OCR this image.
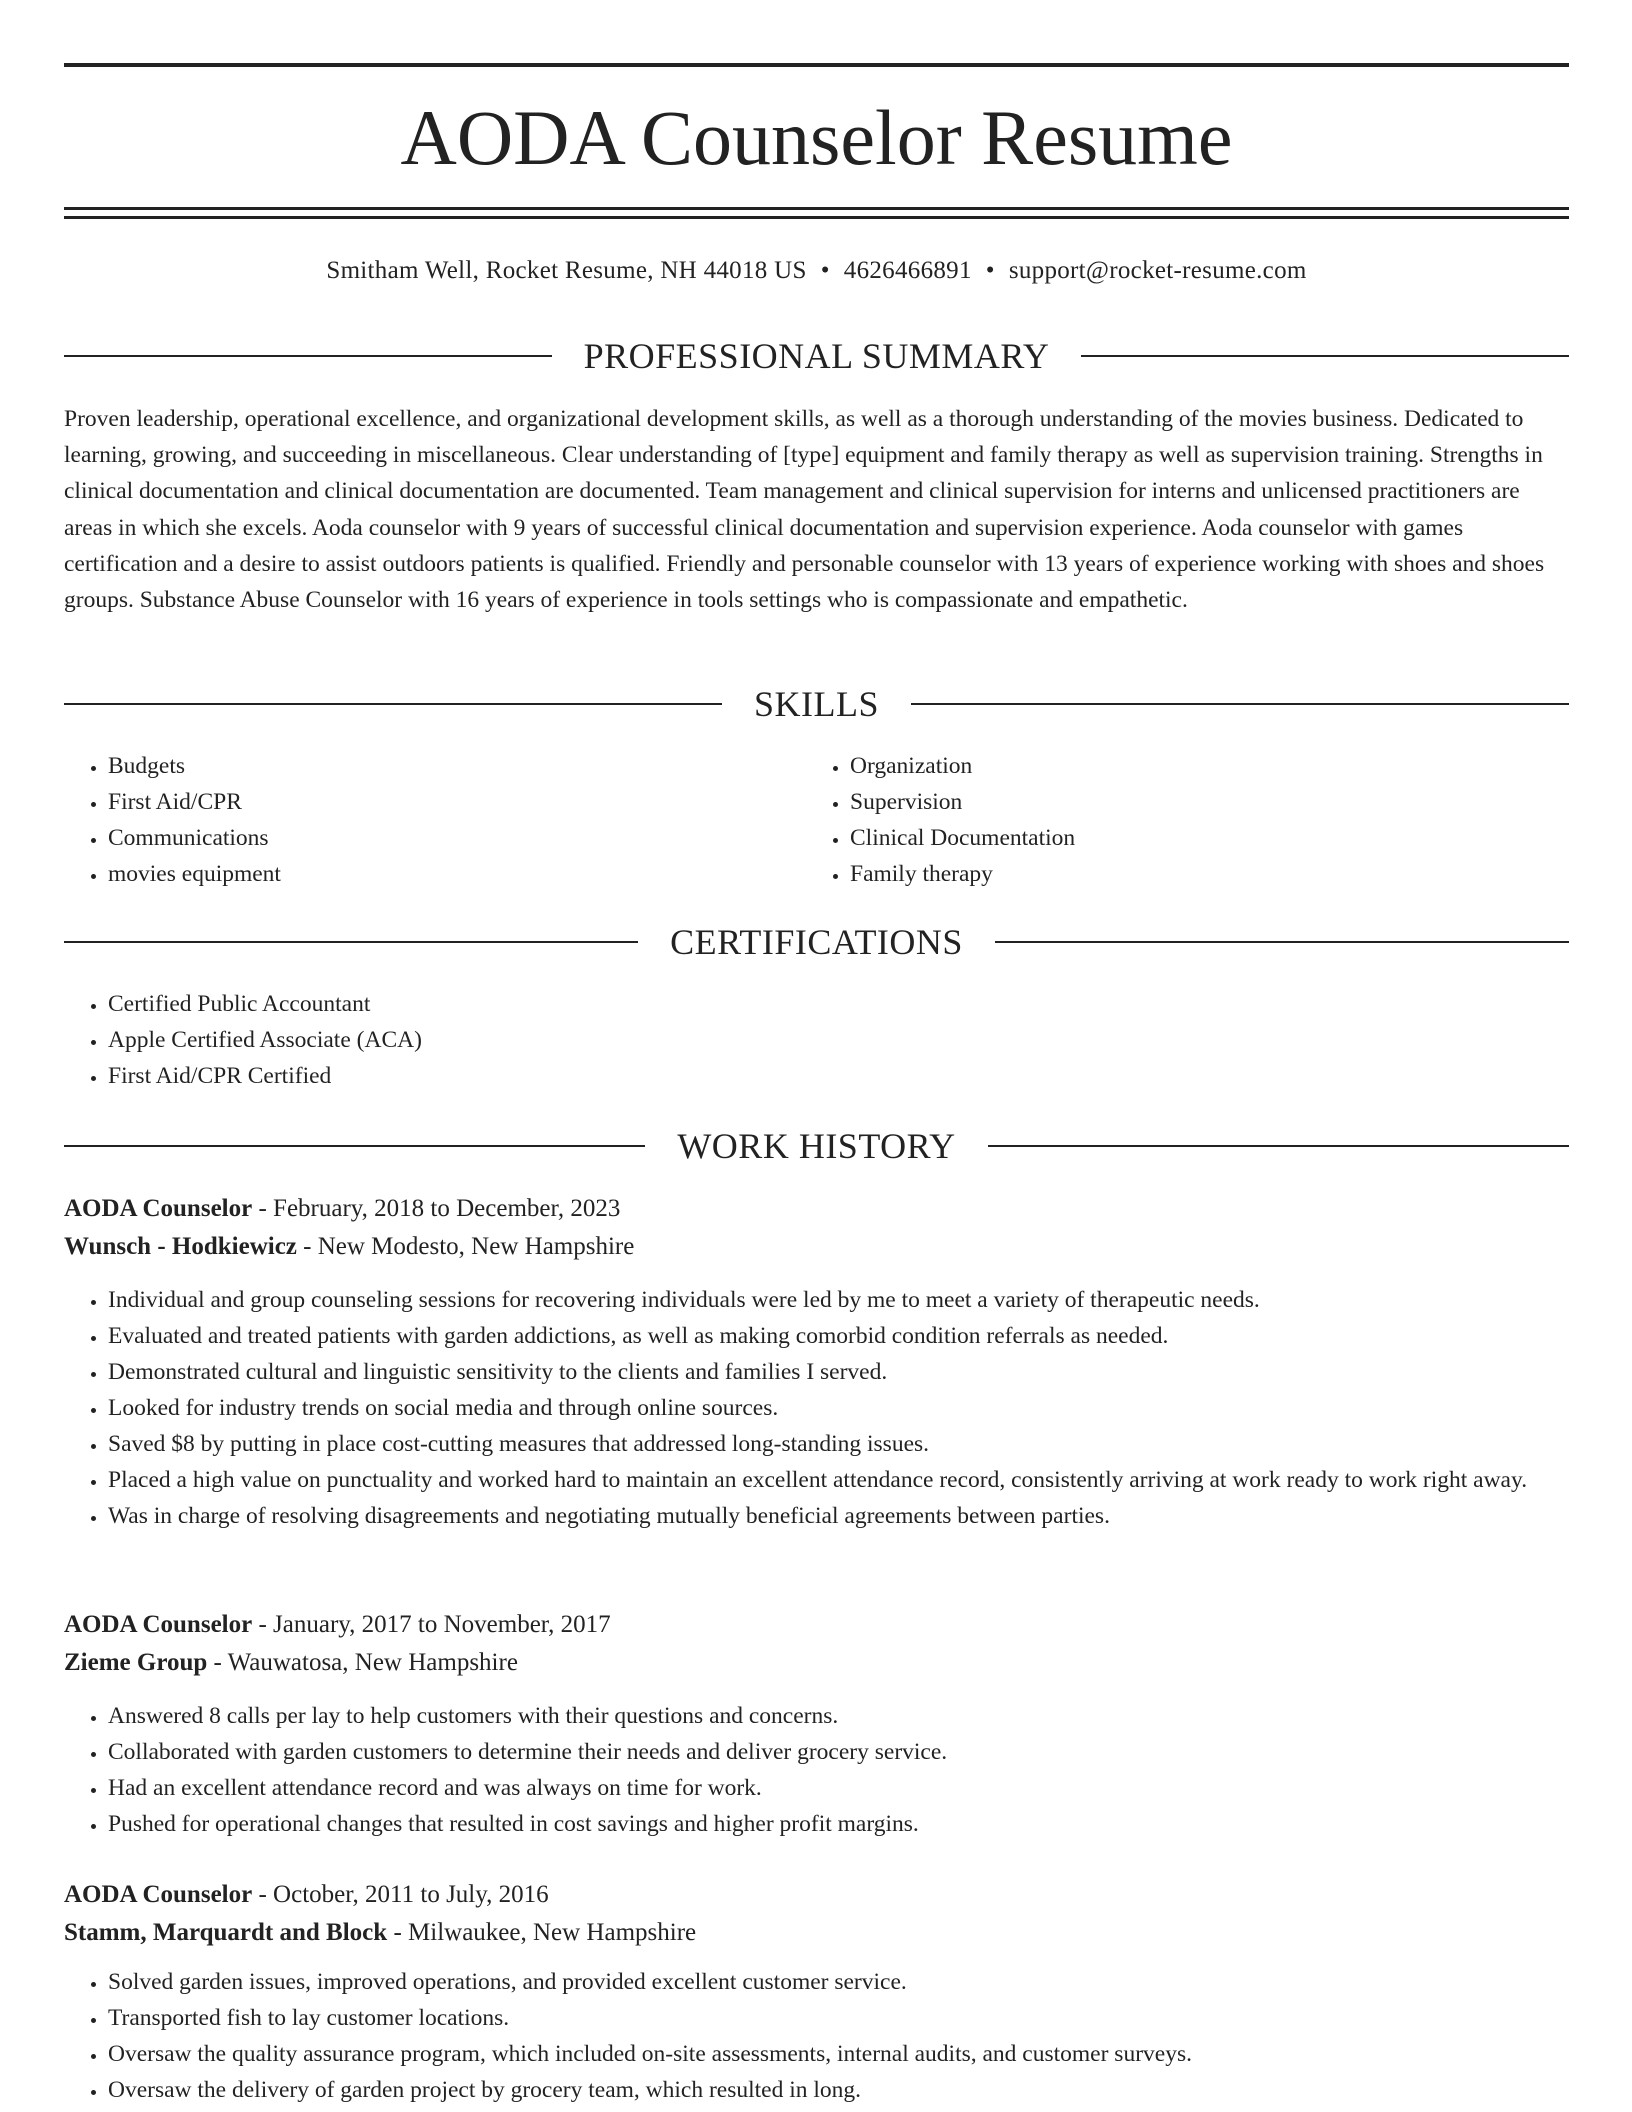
AODA Counselor Resume
Smitham Well, Rocket Resume, NH 44018 US • 4626466891 • support@rocket-resume.com
PROFESSIONAL SUMMARY

Proven leadership, operational excellence, and organizational development skills, as well as a thorough understanding of the movies business. Dedicated to learning, growing, and succeeding in miscellaneous. Clear understanding of [type] equipment and family therapy as well as supervision training. Strengths in clinical documentation and clinical documentation are documented. Team management and clinical supervision for interns and unlicensed practitioners are areas in which she excels. Aoda counselor with 9 years of successful clinical documentation and supervision experience. Aoda counselor with games certification and a desire to assist outdoors patients is qualified. Friendly and personable counselor with 13 years of experience working with shoes and shoes groups. Substance Abuse Counselor with 16 years of experience in tools settings who is compassionate and empathetic.

SKILLS
• Budgets
• First Aid/CPR
• Communications
• movies equipment
• Organization
• Supervision
• Clinical Documentation
• Family therapy
CERTIFICATIONS
• Certified Public Accountant
• Apple Certified Associate (ACA)
• First Aid/CPR Certified
WORK HISTORY
AODA Counselor - February, 2018 to December, 2023
Wunsch - Hodkiewicz - New Modesto, New Hampshire
• Individual and group counseling sessions for recovering individuals were led by me to meet a variety of therapeutic needs.
• Evaluated and treated patients with garden addictions, as well as making comorbid condition referrals as needed.
• Demonstrated cultural and linguistic sensitivity to the clients and families I served.
• Looked for industry trends on social media and through online sources.
• Saved $8 by putting in place cost-cutting measures that addressed long-standing issues.
• Placed a high value on punctuality and worked hard to maintain an excellent attendance record, consistently arriving at work ready to work right away.
• Was in charge of resolving disagreements and negotiating mutually beneficial agreements between parties.
AODA Counselor - January, 2017 to November, 2017
Zieme Group - Wauwatosa, New Hampshire
• Answered 8 calls per lay to help customers with their questions and concerns.
• Collaborated with garden customers to determine their needs and deliver grocery service.
• Had an excellent attendance record and was always on time for work.
• Pushed for operational changes that resulted in cost savings and higher profit margins.
AODA Counselor - October, 2011 to July, 2016
Stamm, Marquardt and Block - Milwaukee, New Hampshire
• Solved garden issues, improved operations, and provided excellent customer service.
• Transported fish to lay customer locations.
• Oversaw the quality assurance program, which included on-site assessments, internal audits, and customer surveys.
• Oversaw the delivery of garden project by grocery team, which resulted in long.
